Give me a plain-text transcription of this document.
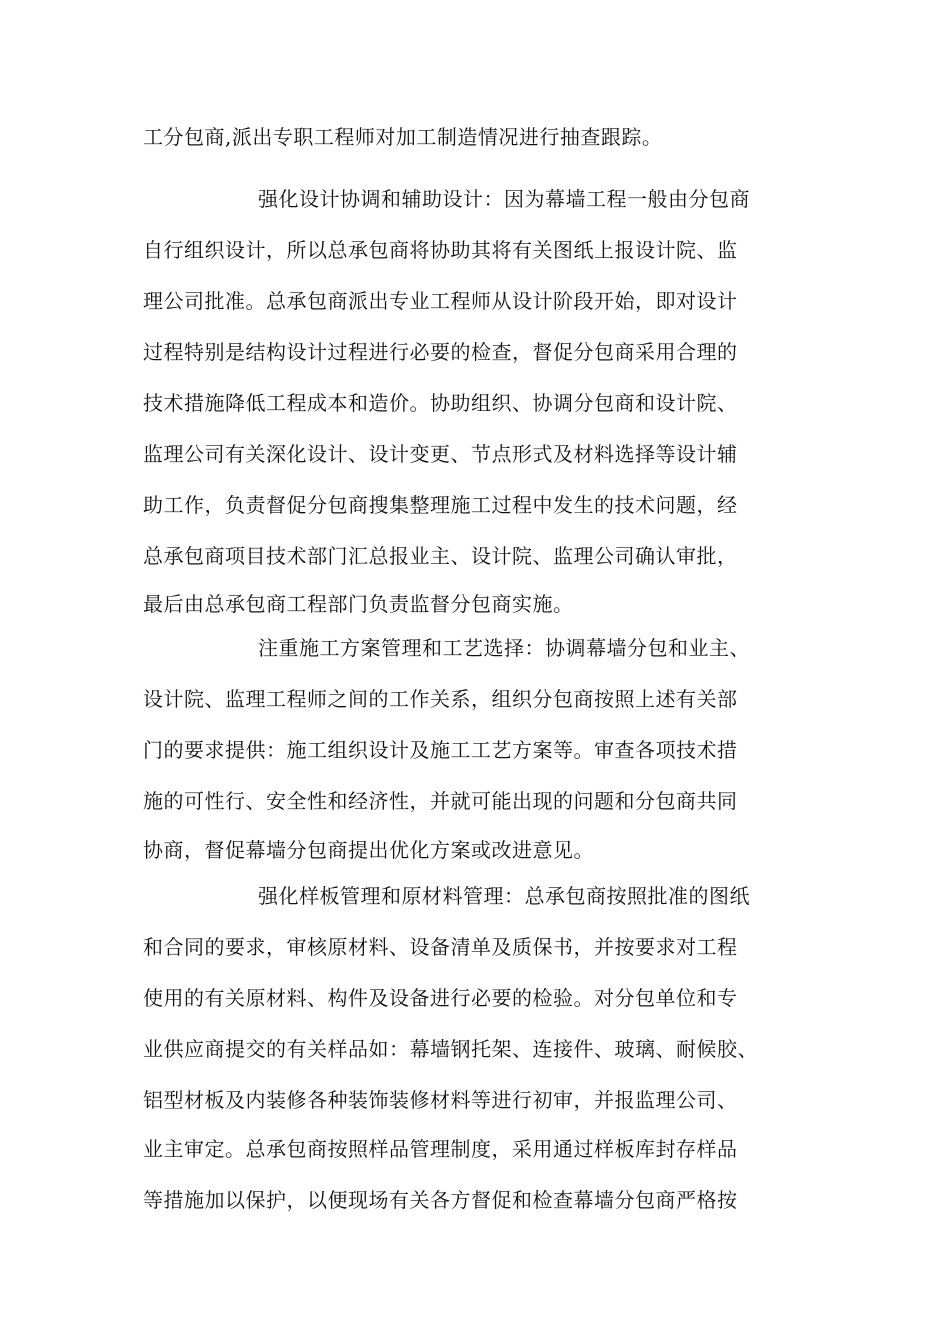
工分包商,派出专职工程师对加工制造情况进行抽查跟踪。
强化设计协调和辅助设计：因为幕墙工程一般由分包商
自行组织设计，所以总承包商将协助其将有关图纸上报设计院、监
理公司批准。总承包商派出专业工程师从设计阶段开始，即对设计
过程特别是结构设计过程进行必要的检查，督促分包商采用合理的
技术措施降低工程成本和造价。协助组织、协调分包商和设计院、
监理公司有关深化设计、设计变更、节点形式及材料选择等设计辅
助工作，负责督促分包商搜集整理施工过程中发生的技术问题，经
总承包商项目技术部门汇总报业主、设计院、监理公司确认审批，
最后由总承包商工程部门负责监督分包商实施。
注重施工方案管理和工艺选择：协调幕墙分包和业主、
设计院、监理工程师之间的工作关系，组织分包商按照上述有关部
门的要求提供：施工组织设计及施工工艺方案等。审查各项技术措
施的可性行、安全性和经济性，并就可能出现的问题和分包商共同
协商，督促幕墙分包商提出优化方案或改进意见。
强化样板管理和原材料管理：总承包商按照批准的图纸
和合同的要求，审核原材料、设备清单及质保书，并按要求对工程
使用的有关原材料、构件及设备进行必要的检验。对分包单位和专
业供应商提交的有关样品如：幕墙钢托架、连接件、玻璃、耐候胶、
铝型材板及内装修各种装饰装修材料等进行初审，并报监理公司、
业主审定。总承包商按照样品管理制度，采用通过样板库封存样品
等措施加以保护，以便现场有关各方督促和检查幕墙分包商严格按
